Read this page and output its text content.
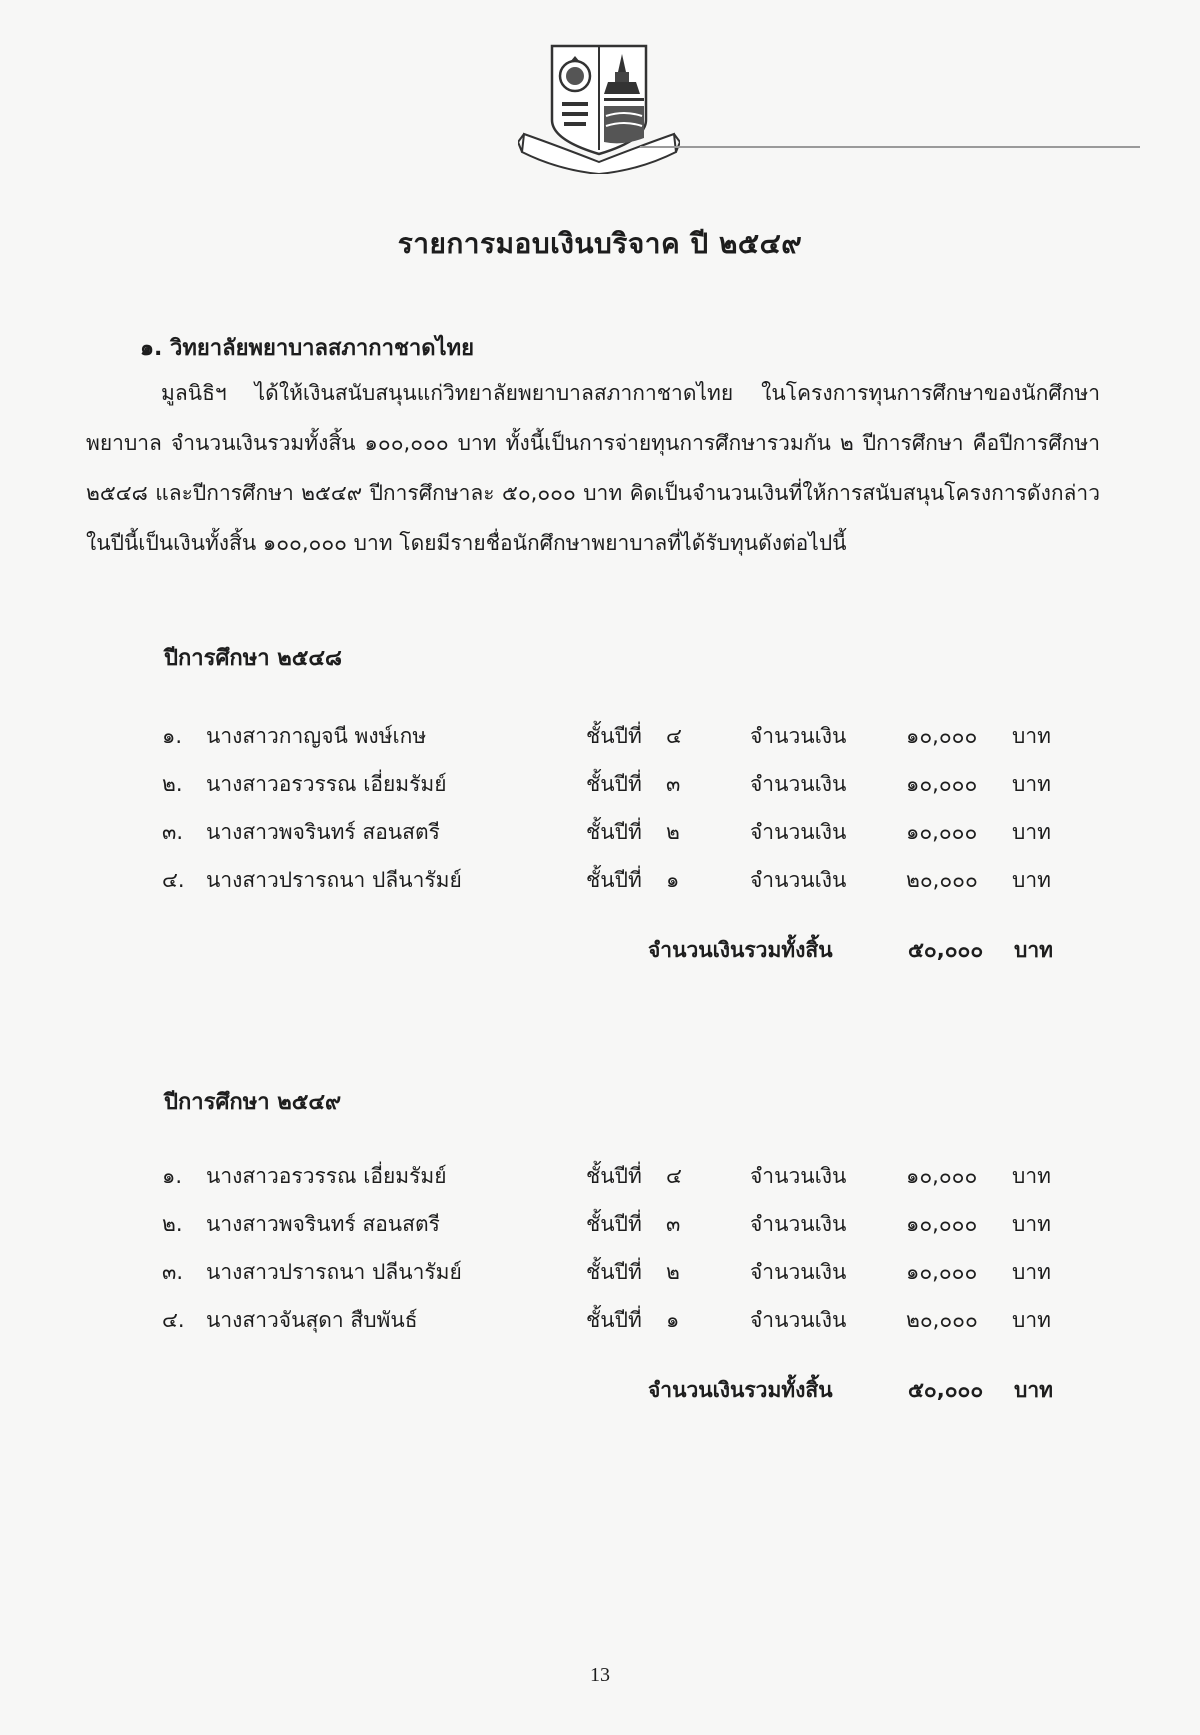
รายการมอบเงินบริจาค ปี ๒๕๔๙
๑. วิทยาลัยพยาบาลสภากาชาดไทย
มูลนิธิฯ ได้ให้เงินสนับสนุนแก่วิทยาลัยพยาบาลสภากาชาดไทย ในโครงการทุนการศึกษาของนักศึกษาพยาบาล จำนวนเงินรวมทั้งสิ้น ๑๐๐,๐๐๐ บาท ทั้งนี้เป็นการจ่ายทุนการศึกษารวมกัน ๒ ปีการศึกษา คือปีการศึกษา ๒๕๔๘ และปีการศึกษา ๒๕๔๙ ปีการศึกษาละ ๕๐,๐๐๐ บาท คิดเป็นจำนวนเงินที่ให้การสนับสนุนโครงการดังกล่าวในปีนี้เป็นเงินทั้งสิ้น ๑๐๐,๐๐๐ บาท โดยมีรายชื่อนักศึกษาพยาบาลที่ได้รับทุนดังต่อไปนี้
ปีการศึกษา ๒๕๔๘
๑. นางสาวกาญจนี พงษ์เกษ	ชั้นปีที่ ๔	จำนวนเงิน	๑๐,๐๐๐ บาท
๒. นางสาวอรวรรณ เอี่ยมรัมย์	ชั้นปีที่ ๓	จำนวนเงิน	๑๐,๐๐๐ บาท
๓. นางสาวพจรินทร์ สอนสตรี	ชั้นปีที่ ๒	จำนวนเงิน	๑๐,๐๐๐ บาท
๔. นางสาวปรารถนา ปลีนารัมย์	ชั้นปีที่ ๑	จำนวนเงิน	๒๐,๐๐๐ บาท
จำนวนเงินรวมทั้งสิ้น	๕๐,๐๐๐ บาท
ปีการศึกษา ๒๕๔๙
๑. นางสาวอรวรรณ เอี่ยมรัมย์	ชั้นปีที่ ๔	จำนวนเงิน	๑๐,๐๐๐ บาท
๒. นางสาวพจรินทร์ สอนสตรี	ชั้นปีที่ ๓	จำนวนเงิน	๑๐,๐๐๐ บาท
๓. นางสาวปรารถนา ปลีนารัมย์	ชั้นปีที่ ๒	จำนวนเงิน	๑๐,๐๐๐ บาท
๔. นางสาวจันสุดา สืบพันธ์	ชั้นปีที่ ๑	จำนวนเงิน	๒๐,๐๐๐ บาท
จำนวนเงินรวมทั้งสิ้น	๕๐,๐๐๐ บาท
13
